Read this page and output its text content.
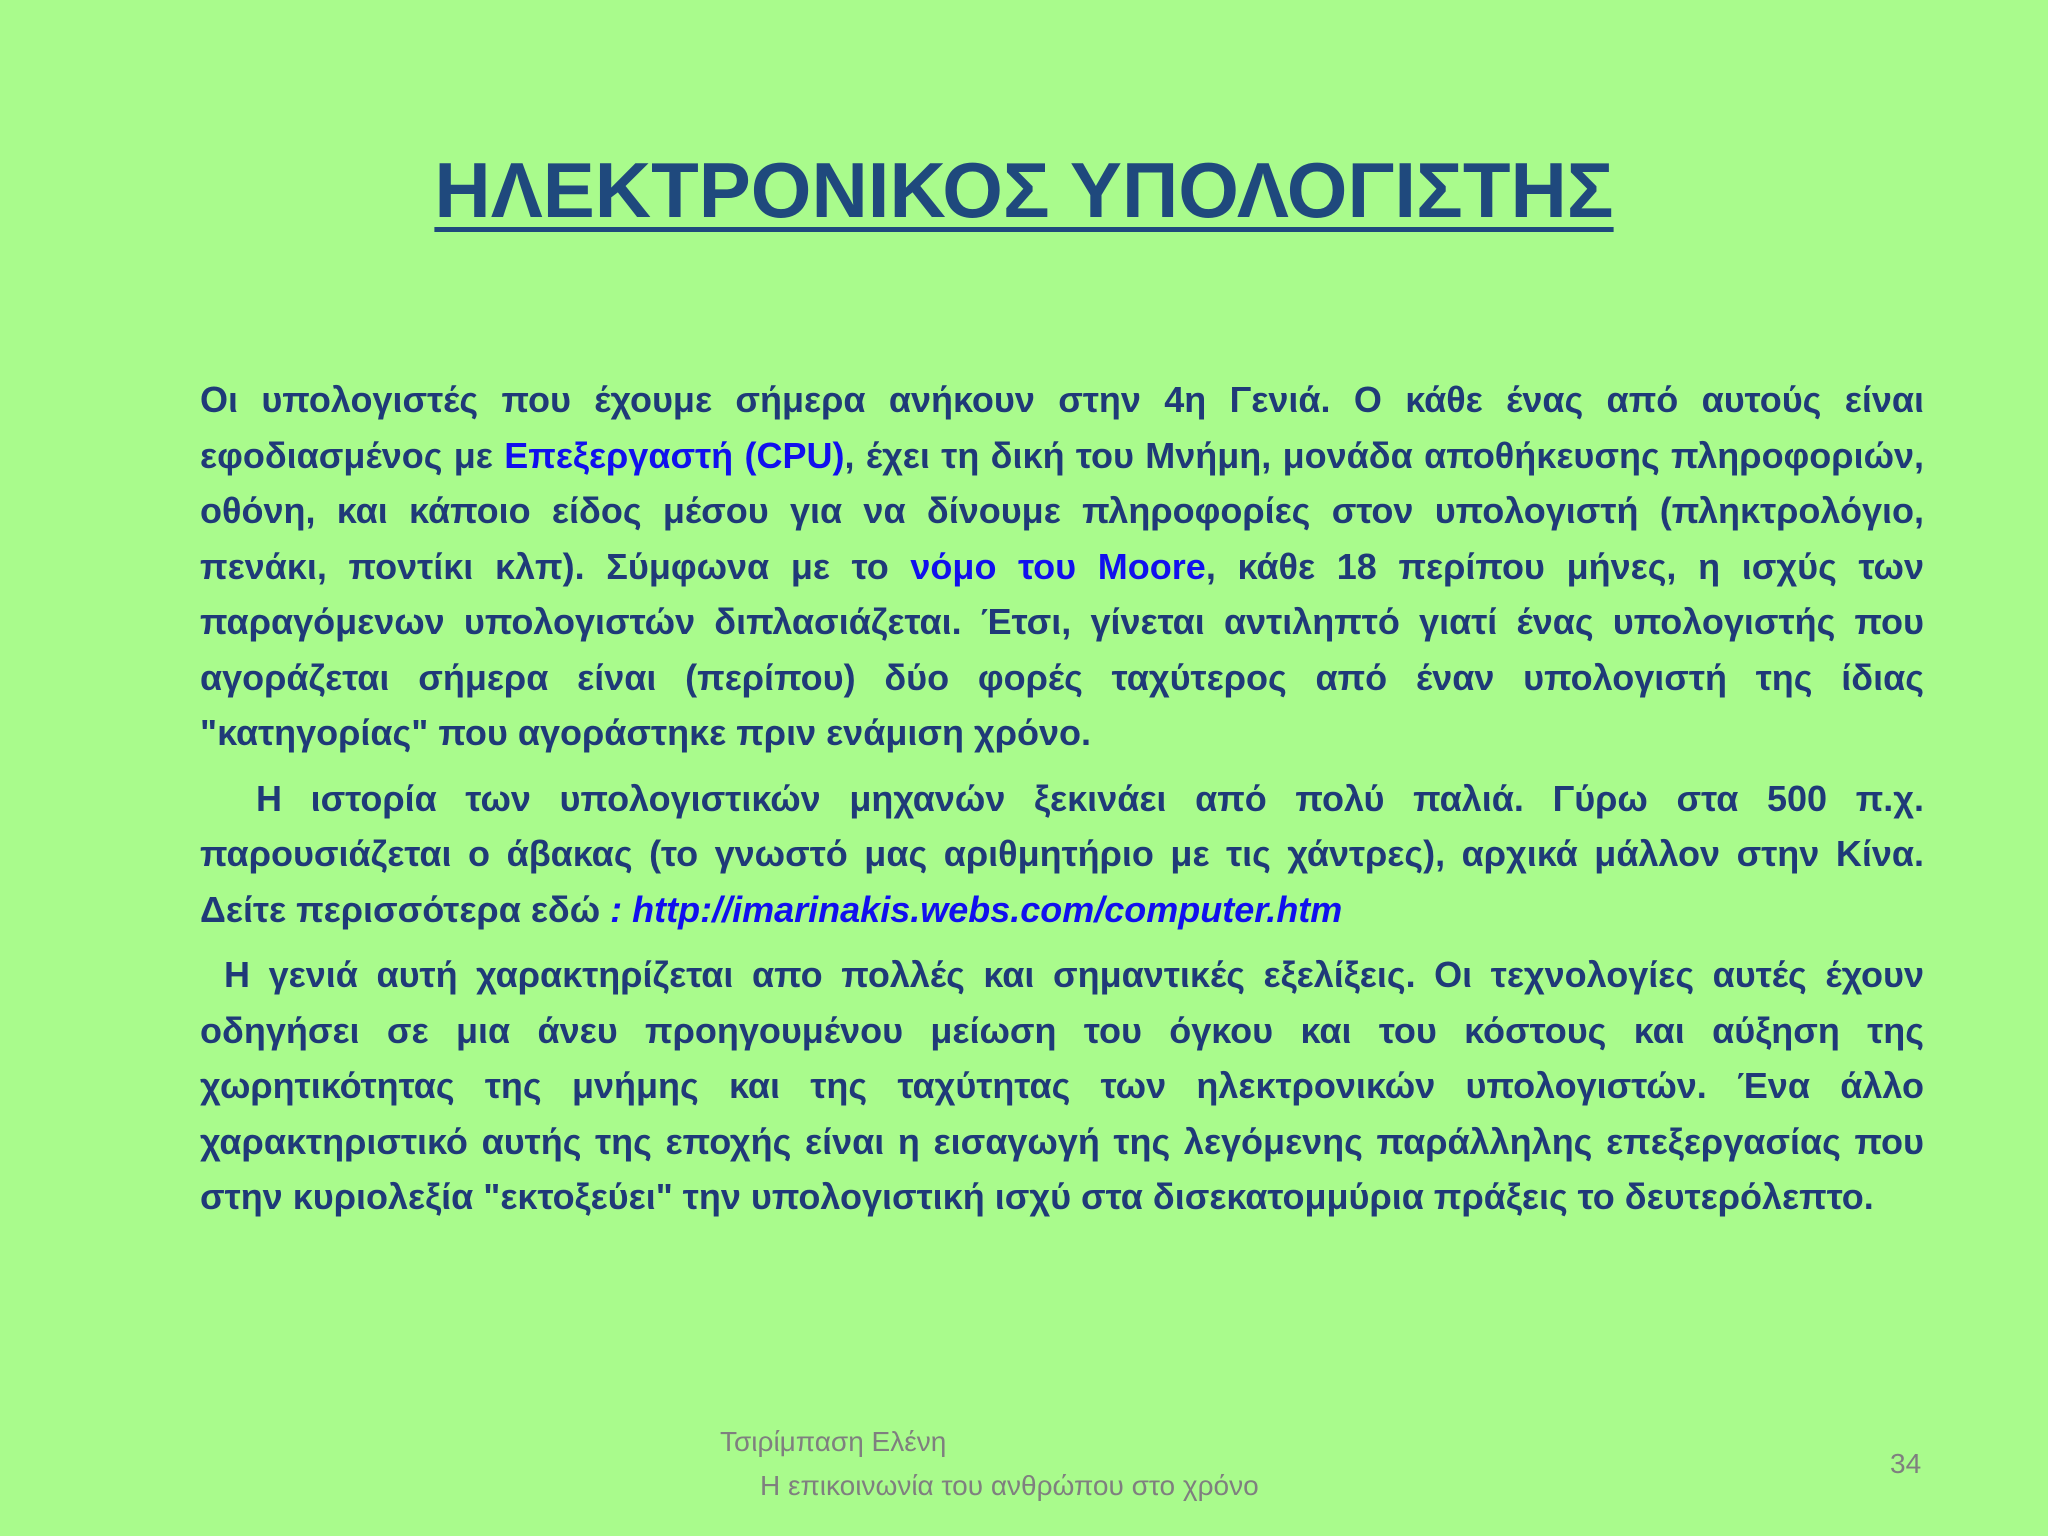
ΗΛΕΚΤΡΟΝΙΚΟΣ ΥΠΟΛΟΓΙΣΤΗΣ

Οι υπολογιστές που έχουμε σήμερα ανήκουν στην 4η Γενιά. Ο κάθε ένας από αυτούς είναι εφοδιασμένος με Επεξεργαστή (CPU), έχει τη δική του Μνήμη, μονάδα αποθήκευσης πληροφοριών, οθόνη, και κάποιο είδος μέσου για να δίνουμε πληροφορίες στον υπολογιστή (πληκτρολόγιο, πενάκι, ποντίκι κλπ). Σύμφωνα με το νόμο του Moore, κάθε 18 περίπου μήνες, η ισχύς των παραγόμενων υπολογιστών διπλασιάζεται. Έτσι, γίνεται αντιληπτό γιατί ένας υπολογιστής που αγοράζεται σήμερα είναι (περίπου) δύο φορές ταχύτερος από έναν υπολογιστή της ίδιας "κατηγορίας" που αγοράστηκε πριν ενάμιση χρόνο.

Η ιστορία των υπολογιστικών μηχανών ξεκινάει από πολύ παλιά. Γύρω στα 500 π.χ. παρουσιάζεται ο άβακας (το γνωστό μας αριθμητήριο με τις χάντρες), αρχικά μάλλον στην Κίνα. Δείτε περισσότερα εδώ : http://imarinakis.webs.com/computer.htm

Η γενιά αυτή χαρακτηρίζεται απο πολλές και σημαντικές εξελίξεις. Οι τεχνολογίες αυτές έχουν οδηγήσει σε μια άνευ προηγουμένου μείωση του όγκου και του κόστους και αύξηση της χωρητικότητας της μνήμης και της ταχύτητας των ηλεκτρονικών υπολογιστών. Ένα άλλο χαρακτηριστικό αυτής της εποχής είναι η εισαγωγή της λεγόμενης παράλληλης επεξεργασίας που στην κυριολεξία "εκτοξεύει" την υπολογιστική ισχύ στα δισεκατομμύρια πράξεις το δευτερόλεπτο.

Τσιρίμπαση Ελένη
Η επικοινωνία του ανθρώπου στο χρόνο
34
